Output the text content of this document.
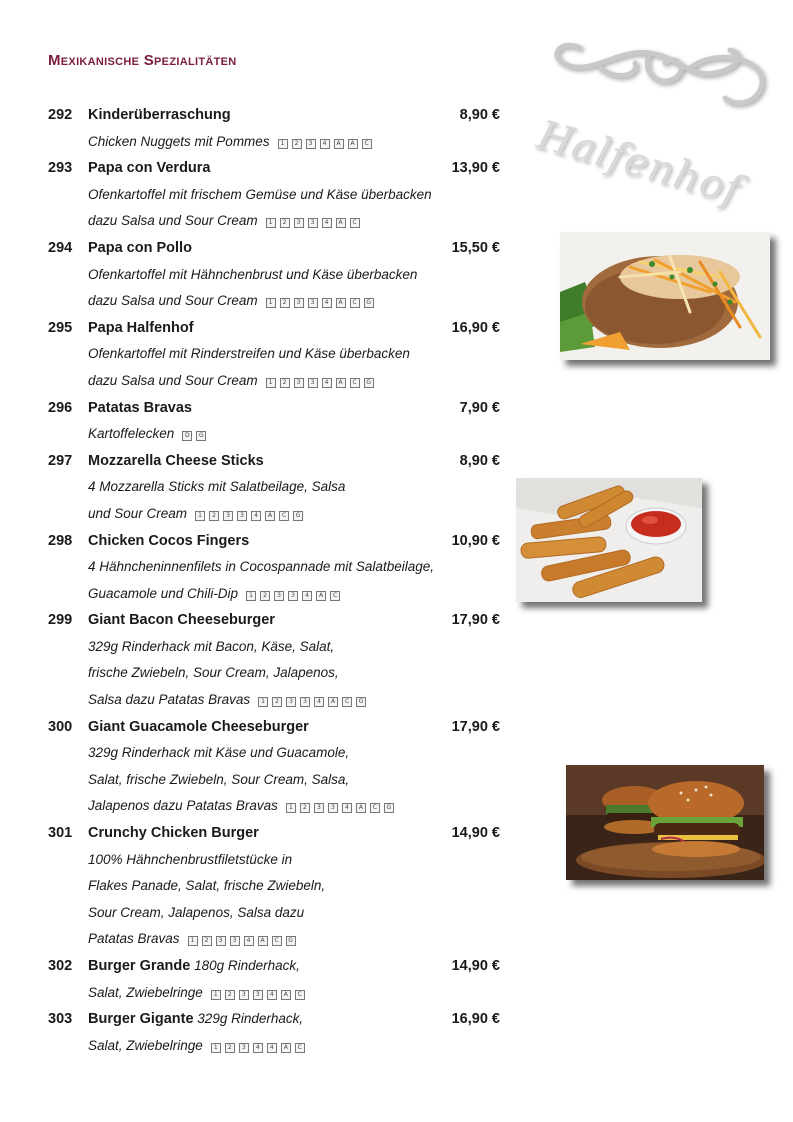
Mexikanische Spezialitäten
Halfenhof
292 Kinderüberraschung	8,90 €
Chicken Nuggets mit Pommes 1 2 3 4 A A C
293 Papa con Verdura	13,90 €
Ofenkartoffel mit frischem Gemüse und Käse überbacken
dazu Salsa und Sour Cream 1 2 3 3 4 A C
294 Papa con Pollo	15,50 €
Ofenkartoffel mit Hähnchenbrust und Käse überbacken
dazu Salsa und Sour Cream 1 2 3 3 4 A C G
295 Papa Halfenhof	16,90 €
Ofenkartoffel mit Rinderstreifen und Käse überbacken
dazu Salsa und Sour Cream 1 2 3 3 4 A C G
296 Patatas Bravas	7,90 €
Kartoffelecken D G
297 Mozzarella Cheese Sticks	8,90 €
4 Mozzarella Sticks mit Salatbeilage, Salsa
und Sour Cream 1 2 3 3 4 A C G
298 Chicken Cocos Fingers	10,90 €
4 Hähncheninnenfilets in Cocospannade mit Salatbeilage,
Guacamole und Chili-Dip 1 2 3 3 4 A C
299 Giant Bacon Cheeseburger	17,90 €
329g Rinderhack mit Bacon, Käse, Salat,
frische Zwiebeln, Sour Cream, Jalapenos,
Salsa dazu Patatas Bravas 1 2 3 3 4 A C G
300 Giant Guacamole Cheeseburger	17,90 €
329g Rinderhack mit Käse und Guacamole,
Salat, frische Zwiebeln, Sour Cream, Salsa,
Jalapenos dazu Patatas Bravas 1 2 3 3 4 A C G
301 Crunchy Chicken Burger	14,90 €
100% Hähnchenbrustfiletstücke in
Flakes Panade, Salat, frische Zwiebeln,
Sour Cream, Jalapenos, Salsa dazu
Patatas Bravas 1 2 3 3 4 A C G
302 Burger Grande 180g Rinderhack,	14,90 €
Salat, Zwiebelringe 1 2 3 3 4 A C
303 Burger Gigante 329g Rinderhack,	16,90 €
Salat, Zwiebelringe 1 2 3 4 4 A C
